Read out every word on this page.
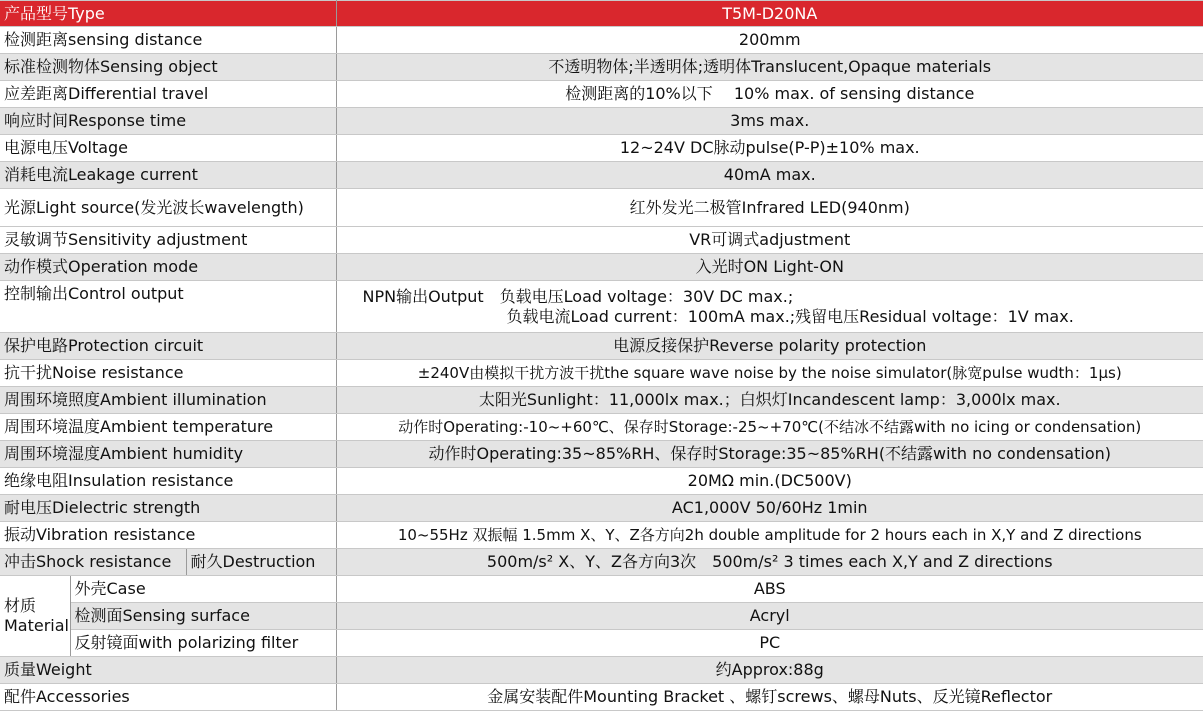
产品型号Type			T5M-D20NA
检测距离sensing distance			200mm
标准检测物体Sensing object			不透明物体;半透明体;透明体Translucent,Opaque materials
应差距离Differential travel			检测距离的10%以下　 10% max. of sensing distance
响应时间Response time			3ms max.
电源电压Voltage			12~24V DC脉动pulse(P-P)±10% max.
消耗电流Leakage current			40mA max.
光源Light source(发光波长wavelength)			红外发光二极管Infrared LED(940nm)
灵敏调节Sensitivity adjustment			VR可调式adjustment
动作模式Operation mode			入光时ON Light-ON
控制输出Control output			NPN输出Output　负载电压Load voltage：30V DC max.;
负载电流Load current：100mA max.;残留电压Residual voltage：1V max.

保护电路Protection circuit			电源反接保护Reverse polarity protection
抗干扰Noise resistance			±240V由模拟干扰方波干扰the square wave noise by the noise simulator(脉宽pulse wudth：1μs)
周围环境照度Ambient illumination			太阳光Sunlight：11,000lx max.；白炽灯Incandescent lamp：3,000lx max.
周围环境温度Ambient temperature			动作时Operating:-10~+60℃、保存时Storage:-25~+70℃(不结冰不结露with no icing or condensation)
周围环境湿度Ambient humidity			动作时Operating:35~85%RH、保存时Storage:35~85%RH(不结露with no condensation)
绝缘电阻Insulation resistance			20MΩ min.(DC500V)
耐电压Dielectric strength			AC1,000V 50/60Hz 1min
振动Vibration resistance			10~55Hz 双振幅 1.5mm X、Y、Z各方向2h double amplitude for 2 hours each in X,Y and Z directions
冲击Shock resistance		耐久Destruction	500m/s² X、Y、Z各方向3次　500m/s² 3 times each X,Y and Z directions

材质
Material	外壳Case		ABS
	检测面Sensing surface		Acryl
	反射镜面with polarizing filter		PC
质量Weight			约Approx:88g
配件Accessories			金属安装配件Mounting Bracket 、螺钉screws、螺母Nuts、反光镜Reflector
